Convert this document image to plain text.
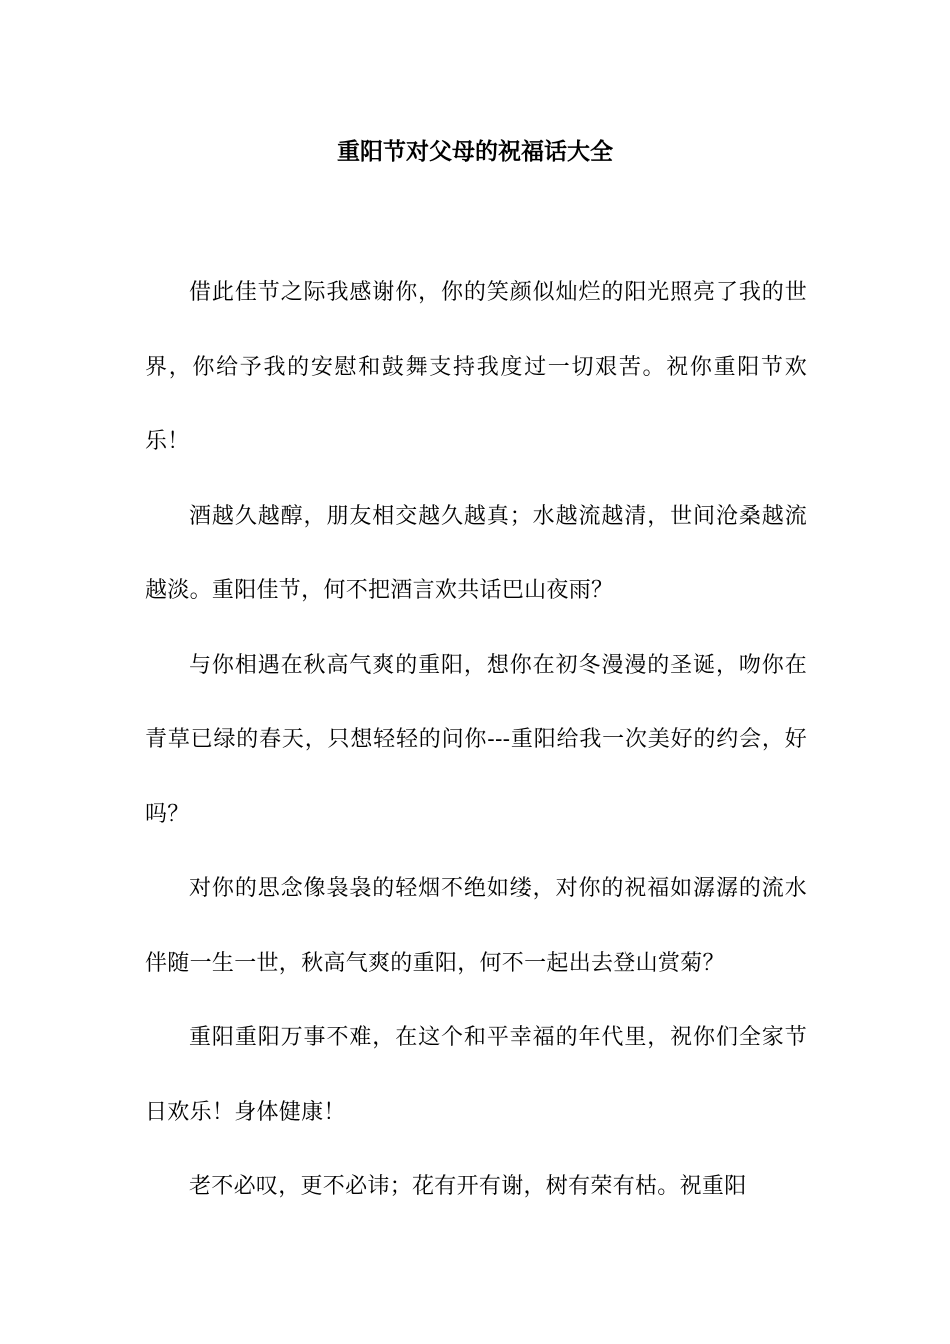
重阳节对父母的祝福话大全

借此佳节之际我感谢你，你的笑颜似灿烂的阳光照亮了我的世界，你给予我的安慰和鼓舞支持我度过一切艰苦。祝你重阳节欢乐！

酒越久越醇，朋友相交越久越真；水越流越清，世间沧桑越流越淡。重阳佳节，何不把酒言欢共话巴山夜雨？

与你相遇在秋高气爽的重阳，想你在初冬漫漫的圣诞，吻你在青草已绿的春天，只想轻轻的问你---重阳给我一次美好的约会，好吗？

对你的思念像袅袅的轻烟不绝如缕，对你的祝福如潺潺的流水伴随一生一世，秋高气爽的重阳，何不一起出去登山赏菊？

重阳重阳万事不难，在这个和平幸福的年代里，祝你们全家节日欢乐！身体健康！

老不必叹，更不必讳；花有开有谢，树有荣有枯。祝重阳
